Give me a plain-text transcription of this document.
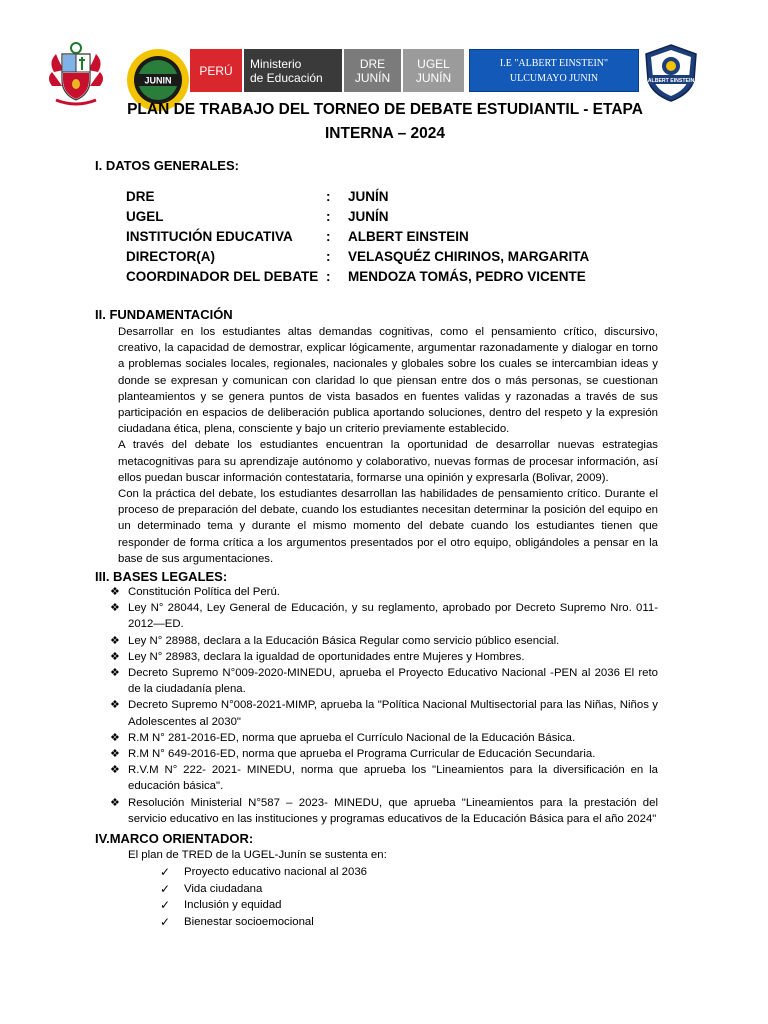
JUNIN
PERÚ Ministerio
de Educación
DRE
JUNÍN
UGEL
JUNÍN
I.E "ALBERT EINSTEIN"
ULCUMAYO JUNIN	ALBERT EINSTEIN
PLAN DE TRABAJO DEL TORNEO DE DEBATE ESTUDIANTIL - ETAPA
INTERNA – 2024
I. DATOS GENERALES:
DRE	:	JUNÍN
UGEL	:	JUNÍN
INSTITUCIÓN EDUCATIVA	:	ALBERT EINSTEIN
DIRECTOR(A)	:	VELASQUÉZ CHIRINOS, MARGARITA
COORDINADOR DEL DEBATE	:	MENDOZA TOMÁS, PEDRO VICENTE
II. FUNDAMENTACIÓN

Desarrollar en los estudiantes altas demandas cognitivas, como el pensamiento crítico, discursivo, creativo, la capacidad de demostrar, explicar lógicamente, argumentar razonadamente y dialogar en torno a problemas sociales locales, regionales, nacionales y globales sobre los cuales se intercambian ideas y donde se expresan y comunican con claridad lo que piensan entre dos o más personas, se cuestionan planteamientos y se genera puntos de vista basados en fuentes validas y razonadas a través de sus participación en espacios de deliberación publica aportando soluciones, dentro del respeto y la expresión ciudadana ética, plena, consciente y bajo un criterio previamente establecido.

A través del debate los estudiantes encuentran la oportunidad de desarrollar nuevas estrategias metacognitivas para su aprendizaje autónomo y colaborativo, nuevas formas de procesar información, así ellos puedan buscar información contestataria, formarse una opinión y expresarla (Bolivar, 2009).

Con la práctica del debate, los estudiantes desarrollan las habilidades de pensamiento crítico. Durante el proceso de preparación del debate, cuando los estudiantes necesitan determinar la posición del equipo en un determinado tema y durante el mismo momento del debate cuando los estudiantes tienen que responder de forma crítica a los argumentos presentados por el otro equipo, obligándoles a pensar en la base de sus argumentaciones.

III. BASES LEGALES:
❖ Constitución Política del Perú.
❖ Ley N° 28044, Ley General de Educación, y su reglamento, aprobado por Decreto Supremo Nro. 011-2012—ED.
❖ Ley N° 28988, declara a la Educación Básica Regular como servicio público esencial.
❖ Ley N° 28983, declara la igualdad de oportunidades entre Mujeres y Hombres.
❖ Decreto Supremo N°009-2020-MINEDU, aprueba el Proyecto Educativo Nacional -PEN al 2036 El reto de la ciudadanía plena.
❖ Decreto Supremo N°008-2021-MIMP, aprueba la "Política Nacional Multisectorial para las Niñas, Niños y Adolescentes al 2030"
❖ R.M N° 281-2016-ED, norma que aprueba el Currículo Nacional de la Educación Básica.
❖ R.M N° 649-2016-ED, norma que aprueba el Programa Curricular de Educación Secundaria.
❖ R.V.M N° 222- 2021- MINEDU, norma que aprueba los "Lineamientos para la diversificación en la educación básica".
❖ Resolución Ministerial N°587 – 2023- MINEDU, que aprueba "Lineamientos para la prestación del servicio educativo en las instituciones y programas educativos de la Educación Básica para el año 2024"
IV.MARCO ORIENTADOR:
El plan de TRED de la UGEL-Junín se sustenta en:
✓ Proyecto educativo nacional al 2036
✓ Vida ciudadana
✓ Inclusión y equidad
✓ Bienestar socioemocional
